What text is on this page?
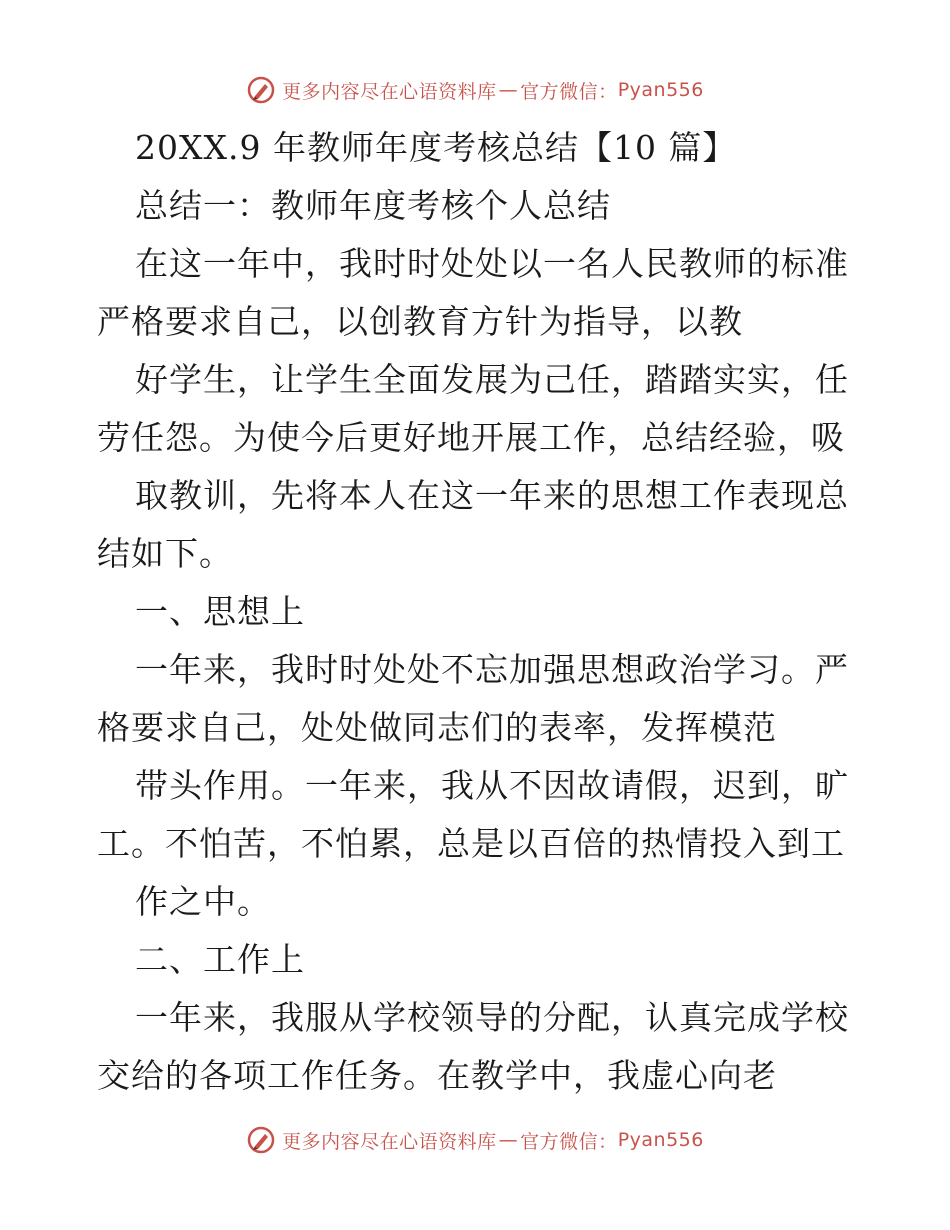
更多内容尽在心语资料库 — 官方微信： Pyan556
20XX.9 年教师年度考核总结【10 篇】
总结一：教师年度考核个人总结
在这一年中，我时时处处以一名人民教师的标准
严格要求自己，以创教育方针为指导，以教
好学生，让学生全面发展为己任，踏踏实实，任
劳任怨。为使今后更好地开展工作，总结经验，吸
取教训，先将本人在这一年来的思想工作表现总
结如下。
一、思想上
一年来，我时时处处不忘加强思想政治学习。严
格要求自己，处处做同志们的表率，发挥模范
带头作用。一年来，我从不因故请假，迟到，旷
工。不怕苦，不怕累，总是以百倍的热情投入到工
作之中。
二、工作上
一年来，我服从学校领导的分配，认真完成学校
交给的各项工作任务。在教学中，我虚心向老
更多内容尽在心语资料库 — 官方微信： Pyan556
